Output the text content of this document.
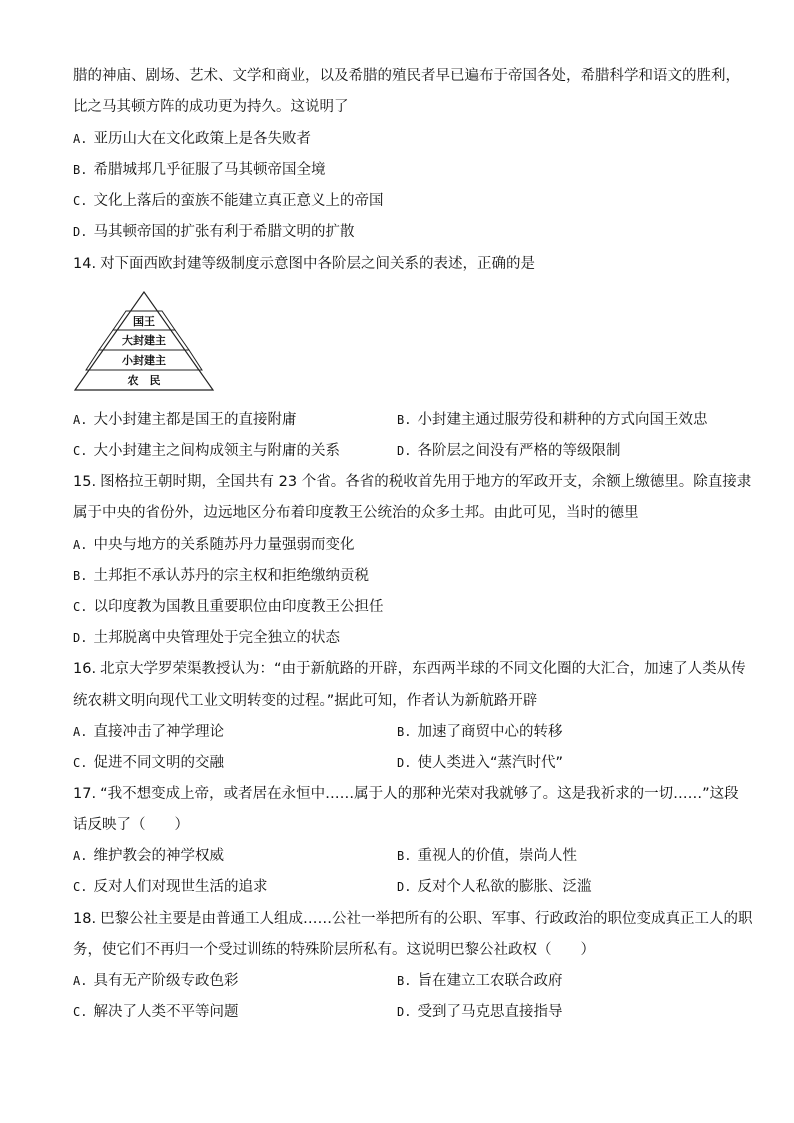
腊的神庙、剧场、艺术、文学和商业，以及希腊的殖民者早已遍布于帝国各处，希腊科学和语文的胜利，
比之马其顿方阵的成功更为持久。这说明了
A. 亚历山大在文化政策上是各失败者
B. 希腊城邦几乎征服了马其顿帝国全境
C. 文化上落后的蛮族不能建立真正意义上的帝国
D. 马其顿帝国的扩张有利于希腊文明的扩散
14. 对下面西欧封建等级制度示意图中各阶层之间关系的表述，正确的是
国王
大封建主
小封建主
农　民
A. 大小封建主都是国王的直接附庸	B. 小封建主通过服劳役和耕种的方式向国王效忠
C. 大小封建主之间构成领主与附庸的关系	D. 各阶层之间没有严格的等级限制
15. 图格拉王朝时期，全国共有 23 个省。各省的税收首先用于地方的军政开支，余额上缴德里。除直接隶
属于中央的省份外，边远地区分布着印度教王公统治的众多土邦。由此可见，当时的德里
A. 中央与地方的关系随苏丹力量强弱而变化
B. 土邦拒不承认苏丹的宗主权和拒绝缴纳贡税
C. 以印度教为国教且重要职位由印度教王公担任
D. 土邦脱离中央管理处于完全独立的状态
16. 北京大学罗荣渠教授认为：“由于新航路的开辟，东西两半球的不同文化圈的大汇合，加速了人类从传
统农耕文明向现代工业文明转变的过程。”据此可知，作者认为新航路开辟
A. 直接冲击了神学理论	B. 加速了商贸中心的转移
C. 促进不同文明的交融	D. 使人类进入“蒸汽时代”
17. “我不想变成上帝，或者居在永恒中……属于人的那种光荣对我就够了。这是我祈求的一切……”这段
话反映了（　　）
A. 维护教会的神学权威	B. 重视人的价值，崇尚人性
C. 反对人们对现世生活的追求	D. 反对个人私欲的膨胀、泛滥
18. 巴黎公社主要是由普通工人组成……公社一举把所有的公职、军事、行政政治的职位变成真正工人的职
务，使它们不再归一个受过训练的特殊阶层所私有。这说明巴黎公社政权（　　）
A. 具有无产阶级专政色彩	B. 旨在建立工农联合政府
C. 解决了人类不平等问题	D. 受到了马克思直接指导
